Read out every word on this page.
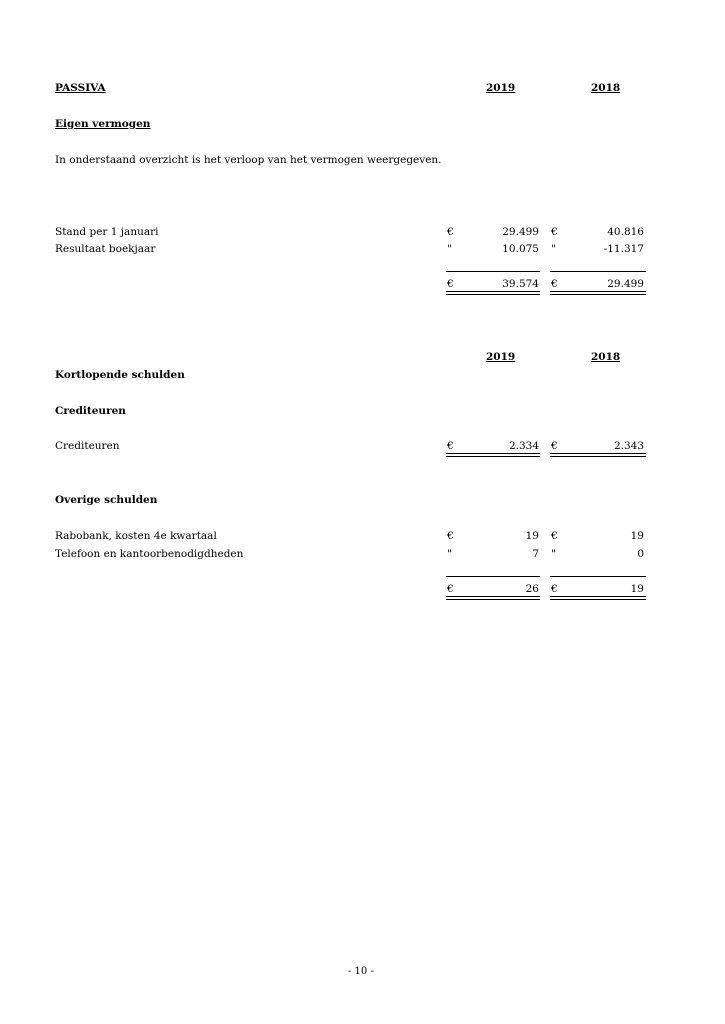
PASSIVA	2019	2018
Eigen vermogen
In onderstaand overzicht is het verloop van het vermogen weergegeven.
Stand per 1 januari	€	29.499 €	40.816
Resultaat boekjaar	"	10.075 "	-11.317
€	39.574 €	29.499
2019	2018
Kortlopende schulden
Crediteuren
Crediteuren	€	2.334 €	2.343
Overige schulden
Rabobank, kosten 4e kwartaal	€	19 €	19
Telefoon en kantoorbenodigdheden	"	7 "	0
€	26 €	19
- 10 -
